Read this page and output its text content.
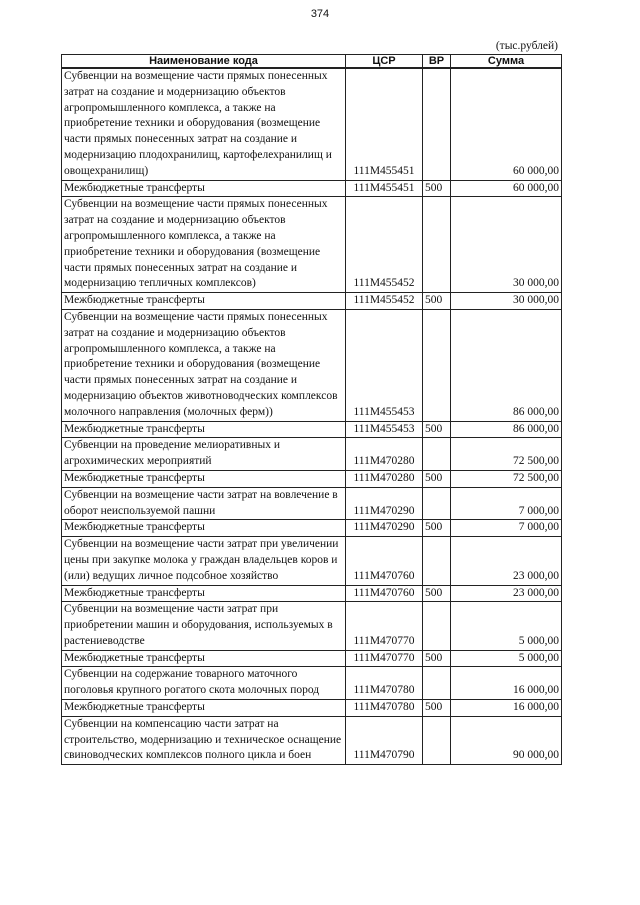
374
(тыс.рублей)
Наименование кода	ЦСР	ВР	Сумма
Субвенции на возмещение части прямых понесенных затрат на создание и модернизацию объектов агропромышленного комплекса, а также на приобретение техники и оборудования (возмещение части прямых понесенных затрат на создание и модернизацию плодохранилищ, картофелехранилищ и овощехранилищ)	111M455451		60 000,00
Межбюджетные трансферты	111M455451	500	60 000,00
Субвенции на возмещение части прямых понесенных затрат на создание и модернизацию объектов агропромышленного комплекса, а также на приобретение техники и оборудования (возмещение части прямых понесенных затрат на создание и модернизацию тепличных комплексов)	111M455452		30 000,00
Межбюджетные трансферты	111M455452	500	30 000,00
Субвенции на возмещение части прямых понесенных затрат на создание и модернизацию объектов агропромышленного комплекса, а также на приобретение техники и оборудования (возмещение части прямых понесенных затрат на создание и модернизацию объектов животноводческих комплексов молочного направления (молочных ферм))	111M455453		86 000,00
Межбюджетные трансферты	111M455453	500	86 000,00
Субвенции на проведение мелиоративных и агрохимических мероприятий	111M470280		72 500,00
Межбюджетные трансферты	111M470280	500	72 500,00
Субвенции на возмещение части затрат на вовлечение в оборот неиспользуемой пашни	111M470290		7 000,00
Межбюджетные трансферты	111M470290	500	7 000,00
Субвенции на возмещение части затрат при увеличении цены при закупке молока у граждан владельцев коров и (или) ведущих личное подсобное хозяйство	111M470760		23 000,00
Межбюджетные трансферты	111M470760	500	23 000,00
Субвенции на возмещение части затрат при приобретении машин и оборудования, используемых в растениеводстве	111M470770		5 000,00
Межбюджетные трансферты	111M470770	500	5 000,00
Субвенции на содержание товарного маточного поголовья крупного рогатого скота молочных пород	111M470780		16 000,00
Межбюджетные трансферты	111M470780	500	16 000,00
Субвенции на компенсацию части затрат на строительство, модернизацию и техническое оснащение свиноводческих комплексов полного цикла и боен	111M470790		90 000,00
